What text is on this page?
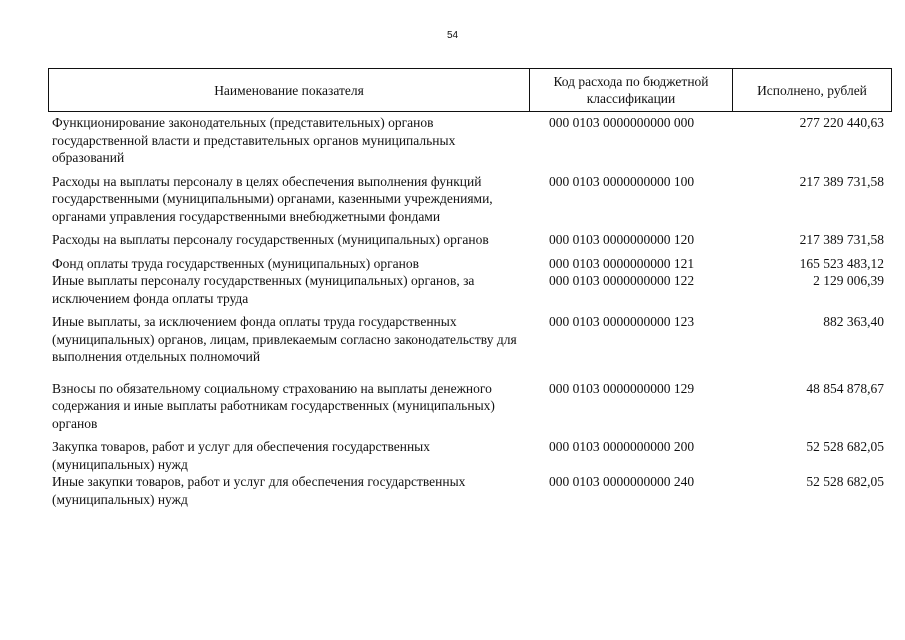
54
Наименование показателя
Код расхода по бюджетной классификации
Исполнено, рублей
Функционирование законодательных (представительных) органов государственной власти и представительных органов муниципальных образований
000 0103 0000000000 000	277 220 440,63
Расходы на выплаты персоналу в целях обеспечения выполнения функций государственными (муниципальными) органами, казенными учреждениями, органами управления государственными внебюджетными фондами
000 0103 0000000000 100	217 389 731,58
Расходы на выплаты персоналу государственных (муниципальных) органов	000 0103 0000000000 120	217 389 731,58
Фонд оплаты труда государственных (муниципальных) органов	000 0103 0000000000 121	165 523 483,12
Иные выплаты персоналу государственных (муниципальных) органов, за исключением фонда оплаты труда
000 0103 0000000000 122	2 129 006,39
Иные выплаты, за исключением фонда оплаты труда государственных (муниципальных) органов, лицам, привлекаемым согласно законодательству для выполнения отдельных полномочий
000 0103 0000000000 123	882 363,40
Взносы по обязательному социальному страхованию на выплаты денежного содержания и иные выплаты работникам государственных (муниципальных) органов
000 0103 0000000000 129	48 854 878,67
Закупка товаров, работ и услуг для обеспечения государственных (муниципальных) нужд
000 0103 0000000000 200	52 528 682,05
Иные закупки товаров, работ и услуг для обеспечения государственных (муниципальных) нужд
000 0103 0000000000 240	52 528 682,05
